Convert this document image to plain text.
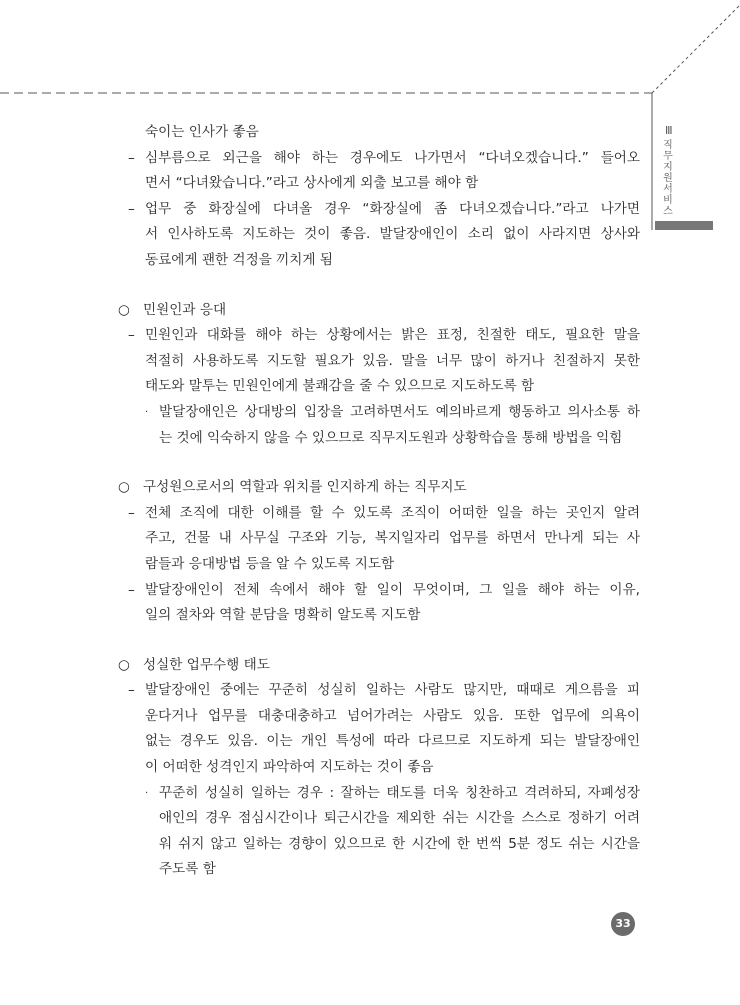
Ⅲ
직무지원서비스
숙이는 인사가 좋음
– 심부름으로 외근을 해야 하는 경우에도 나가면서 “다녀오겠습니다.” 들어오
면서 “다녀왔습니다.”라고 상사에게 외출 보고를 해야 함
– 업무 중 화장실에 다녀올 경우 “화장실에 좀 다녀오겠습니다.”라고 나가면
서 인사하도록 지도하는 것이 좋음. 발달장애인이 소리 없이 사라지면 상사와
동료에게 괜한 걱정을 끼치게 됨
○ 민원인과 응대
– 민원인과 대화를 해야 하는 상황에서는 밝은 표정, 친절한 태도, 필요한 말을
적절히 사용하도록 지도할 필요가 있음. 말을 너무 많이 하거나 친절하지 못한
태도와 말투는 민원인에게 불쾌감을 줄 수 있으므로 지도하도록 함
· 발달장애인은 상대방의 입장을 고려하면서도 예의바르게 행동하고 의사소통 하
는 것에 익숙하지 않을 수 있으므로 직무지도원과 상황학습을 통해 방법을 익힘
○ 구성원으로서의 역할과 위치를 인지하게 하는 직무지도
– 전체 조직에 대한 이해를 할 수 있도록 조직이 어떠한 일을 하는 곳인지 알려
주고, 건물 내 사무실 구조와 기능, 복지일자리 업무를 하면서 만나게 되는 사
람들과 응대방법 등을 알 수 있도록 지도함
– 발달장애인이 전체 속에서 해야 할 일이 무엇이며, 그 일을 해야 하는 이유,
일의 절차와 역할 분담을 명확히 알도록 지도함
○ 성실한 업무수행 태도
– 발달장애인 중에는 꾸준히 성실히 일하는 사람도 많지만, 때때로 게으름을 피
운다거나 업무를 대충대충하고 넘어가려는 사람도 있음. 또한 업무에 의욕이
없는 경우도 있음. 이는 개인 특성에 따라 다르므로 지도하게 되는 발달장애인
이 어떠한 성격인지 파악하여 지도하는 것이 좋음
· 꾸준히 성실히 일하는 경우 : 잘하는 태도를 더욱 칭찬하고 격려하되, 자폐성장
애인의 경우 점심시간이나 퇴근시간을 제외한 쉬는 시간을 스스로 정하기 어려
워 쉬지 않고 일하는 경향이 있으므로 한 시간에 한 번씩 5분 정도 쉬는 시간을
주도록 함
33
